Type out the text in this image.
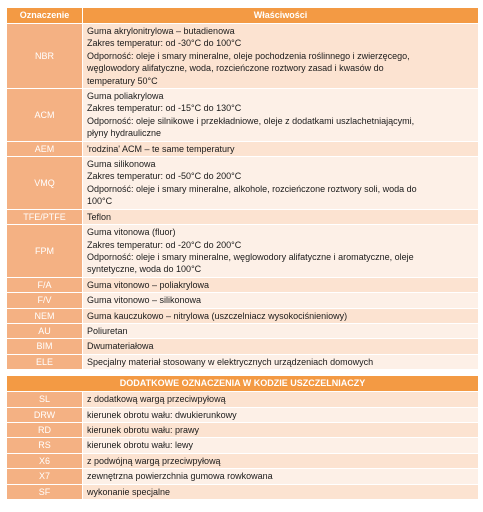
Oznaczenie	Właściwości
NBR	Guma akrylonitrylowa – butadienowa
Zakres temperatur: od -30°C do 100°C
Odporność: oleje i smary mineralne, oleje pochodzenia roślinnego i zwierzęcego,
węglowodory alifatyczne, woda, rozcieńczone roztwory zasad i kwasów do
temperatury 50°C

ACM	Guma poliakrylowa
Zakres temperatur: od -15°C do 130°C
Odporność: oleje silnikowe i przekładniowe, oleje z dodatkami uszlachetniającymi,
płyny hydrauliczne

AEM	'rodzina' ACM – te same temperatury

VMQ	Guma silikonowa
Zakres temperatur: od -50°C do 200°C
Odporność: oleje i smary mineralne, alkohole, rozcieńczone roztwory soli, woda do
100°C

TFE/PTFE	Teflon

FPM	Guma vitonowa (fluor)
Zakres temperatur: od -20°C do 200°C
Odporność: oleje i smary mineralne, węglowodory alifatyczne i aromatyczne, oleje
syntetyczne, woda do 100°C

F/A	Guma vitonowo – poliakrylowa

F/V	Guma vitonowo – silikonowa

NEM	Guma kauczukowo – nitrylowa (uszczelniacz wysokociśnieniowy)

AU	Poliuretan

BIM	Dwumateriałowa

ELE	Specjalny materiał stosowany w elektrycznych urządzeniach domowych

DODATKOWE OZNACZENIA W KODZIE USZCZELNIACZY	
SL	z dodatkową wargą przeciwpyłową
DRW	kierunek obrotu wału: dwukierunkowy
RD	kierunek obrotu wału: prawy
RS	kierunek obrotu wału: lewy
X6	z podwójną wargą przeciwpyłową
X7	zewnętrzna powierzchnia gumowa rowkowana
SF	wykonanie specjalne
